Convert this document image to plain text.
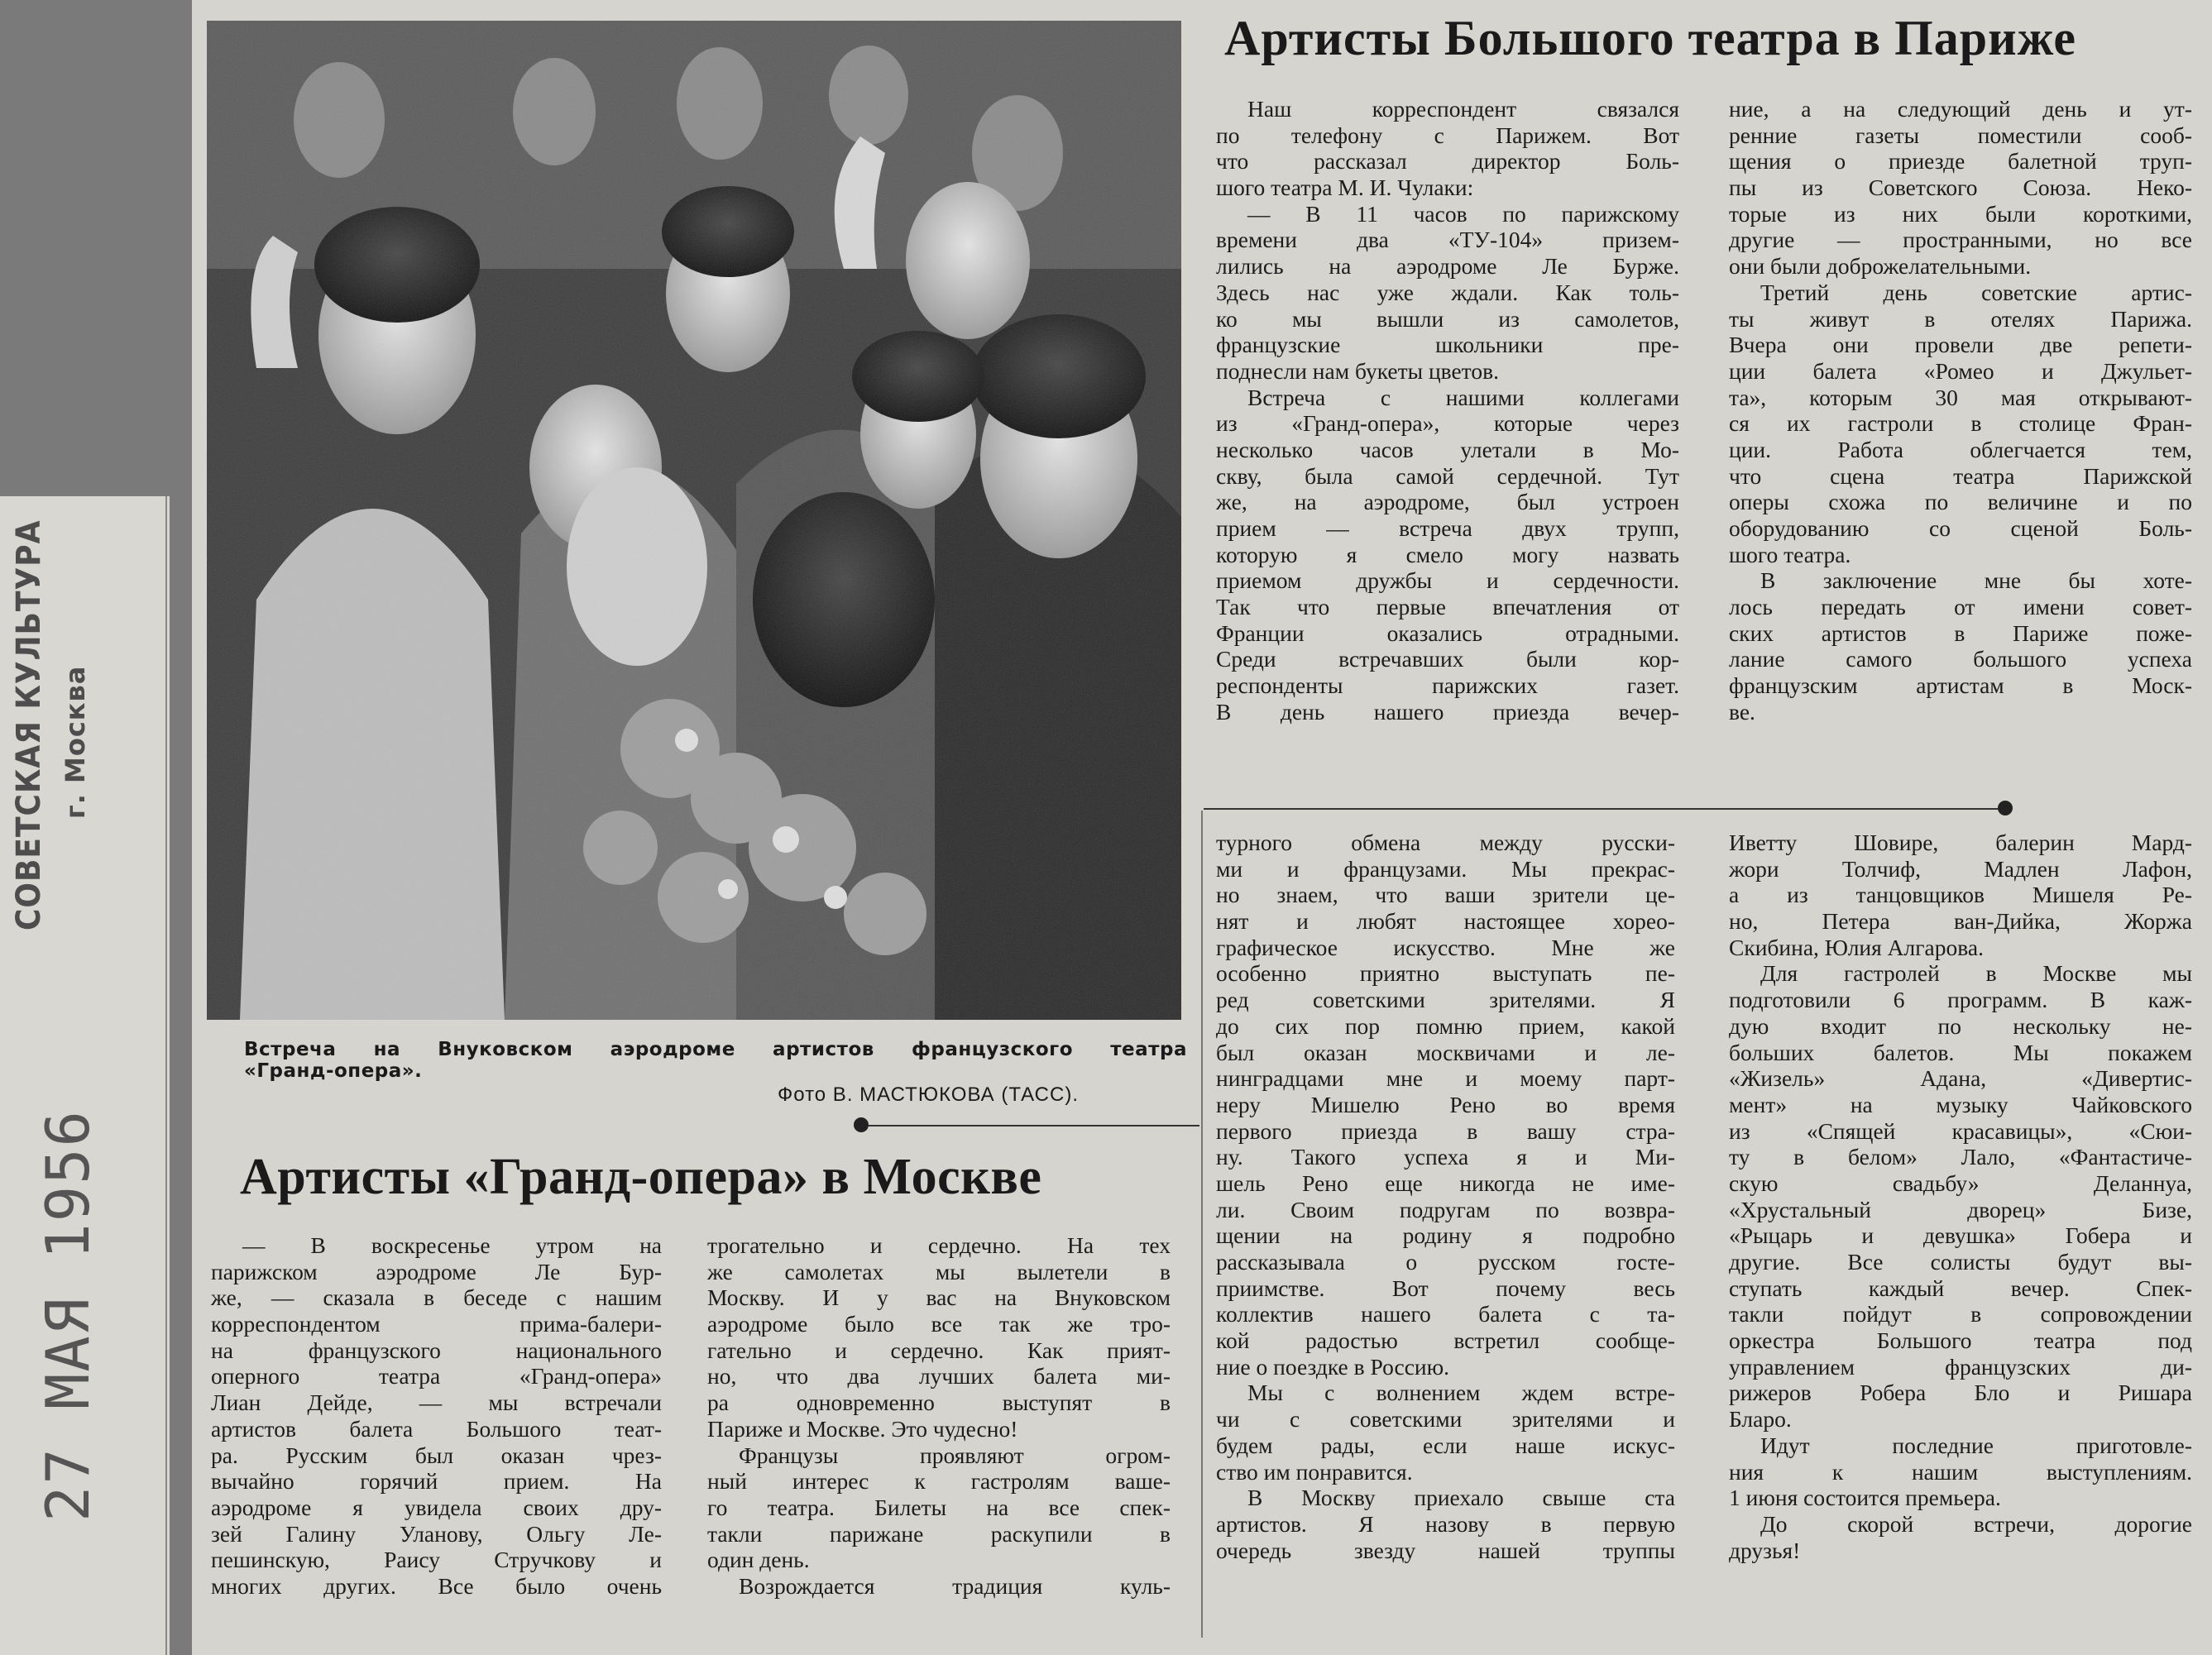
СОВЕТСКАЯ КУЛЬТУРА г. Москва
27 МАЯ 1956
Встреча на Внуковском аэродроме артистов французского театра
«Гранд-опера».
Фото В. МАСТЮКОВА (ТАСС).
Артисты Большого театра в Париже
Наш корреспондент связался
по телефону с Парижем. Вот
что рассказал директор Боль-
шого театра М. И. Чулаки:
— В 11 часов по парижскому
времени два «ТУ-104» призем-
лились на аэродроме Ле Бурже.
Здесь нас уже ждали. Как толь-
ко мы вышли из самолетов,
французские школьники пре-
поднесли нам букеты цветов.
Встреча с нашими коллегами
из «Гранд-опера», которые через
несколько часов улетали в Мо-
скву, была самой сердечной. Тут
же, на аэродроме, был устроен
прием — встреча двух трупп,
которую я смело могу назвать
приемом дружбы и сердечности.
Так что первые впечатления от
Франции оказались отрадными.
Среди встречавших были кор-
респонденты парижских газет.
В день нашего приезда вечер-
ние, а на следующий день и ут-
ренние газеты поместили сооб-
щения о приезде балетной труп-
пы из Советского Союза. Неко-
торые из них были короткими,
другие — пространными, но все
они были доброжелательными.
Третий день советские артис-
ты живут в отелях Парижа.
Вчера они провели две репети-
ции балета «Ромео и Джульет-
та», которым 30 мая открывают-
ся их гастроли в столице Фран-
ции. Работа облегчается тем,
что сцена театра Парижской
оперы схожа по величине и по
оборудованию со сценой Боль-
шого театра.
В заключение мне бы хоте-
лось передать от имени совет-
ских артистов в Париже поже-
лание самого большого успеха
французским артистам в Моск-
ве.
Артисты «Гранд-опера» в Москве
— В воскресенье утром на
парижском аэродроме Ле Бур-
же, — сказала в беседе с нашим
корреспондентом прима-балери-
на французского национального
оперного театра «Гранд-опера»
Лиан Дейде, — мы встречали
артистов балета Большого теат-
ра. Русским был оказан чрез-
вычайно горячий прием. На
аэродроме я увидела своих дру-
зей Галину Уланову, Ольгу Ле-
пешинскую, Раису Стручкову и
многих других. Все было очень
трогательно и сердечно. На тех
же самолетах мы вылетели в
Москву. И у вас на Внуковском
аэродроме было все так же тро-
гательно и сердечно. Как прият-
но, что два лучших балета ми-
ра одновременно выступят в
Париже и Москве. Это чудесно!
Французы проявляют огром-
ный интерес к гастролям ваше-
го театра. Билеты на все спек-
такли парижане раскупили в
один день.
Возрождается традиция куль-
турного обмена между русски-
ми и французами. Мы прекрас-
но знаем, что ваши зрители це-
нят и любят настоящее хорео-
графическое искусство. Мне же
особенно приятно выступать пе-
ред советскими зрителями. Я
до сих пор помню прием, какой
был оказан москвичами и ле-
нинградцами мне и моему парт-
неру Мишелю Рено во время
первого приезда в вашу стра-
ну. Такого успеха я и Ми-
шель Рено еще никогда не име-
ли. Своим подругам по возвра-
щении на родину я подробно
рассказывала о русском госте-
приимстве. Вот почему весь
коллектив нашего балета с та-
кой радостью встретил сообще-
ние о поездке в Россию.
Мы с волнением ждем встре-
чи с советскими зрителями и
будем рады, если наше искус-
ство им понравится.
В Москву приехало свыше ста
артистов. Я назову в первую
очередь звезду нашей труппы
Иветту Шовире, балерин Мард-
жори Толчиф, Мадлен Лафон,
а из танцовщиков Мишеля Ре-
но, Петера ван-Дийка, Жоржа
Скибина, Юлия Алгарова.
Для гастролей в Москве мы
подготовили 6 программ. В каж-
дую входит по нескольку не-
больших балетов. Мы покажем
«Жизель» Адана, «Дивертис-
мент» на музыку Чайковского
из «Спящей красавицы», «Сюи-
ту в белом» Лало, «Фантастиче-
скую свадьбу» Деланнуа,
«Хрустальный дворец» Бизе,
«Рыцарь и девушка» Гобера и
другие. Все солисты будут вы-
ступать каждый вечер. Спек-
такли пойдут в сопровождении
оркестра Большого театра под
управлением французских ди-
рижеров Робера Бло и Ришара
Бларо.
Идут последние приготовле-
ния к нашим выступлениям.
1 июня состоится премьера.
До скорой встречи, дорогие
друзья!
